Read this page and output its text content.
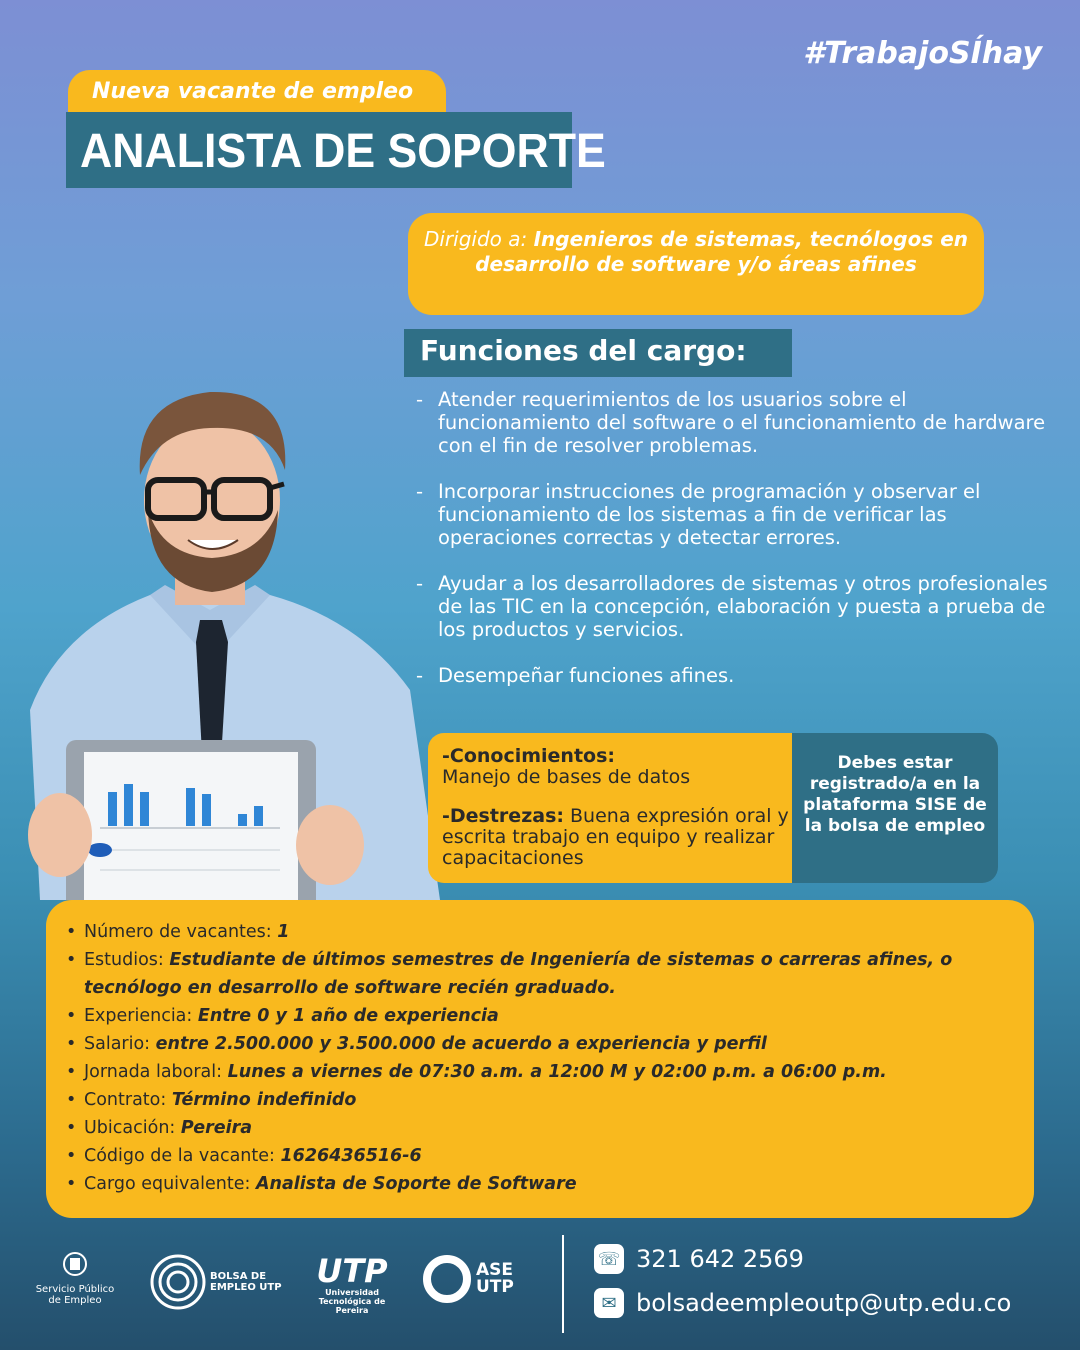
#TrabajoSÍhay
Nueva vacante de empleo
ANALISTA DE SOPORTE
Dirigido a: Ingenieros de sistemas, tecnólogos en desarrollo de software y/o áreas afines
Funciones del cargo:
- Atender requerimientos de los usuarios sobre el funcionamiento del software o el funcionamiento de hardware con el fin de resolver problemas.
- Incorporar instrucciones de programación y observar el funcionamiento de los sistemas a fin de verificar las operaciones correctas y detectar errores.
- Ayudar a los desarrolladores de sistemas y otros profesionales de las TIC en la concepción, elaboración y puesta a prueba de los productos y servicios.
- Desempeñar funciones afines.
-Conocimientos:
Manejo de bases de datos
-Destrezas: Buena expresión oral y escrita trabajo en equipo y realizar capacitaciones
Debes estar registrado/a en la plataforma SISE de la bolsa de empleo
• Número de vacantes: 1
• Estudios: Estudiante de últimos semestres de Ingeniería de sistemas o carreras afines, o tecnólogo en desarrollo de software recién graduado.
• Experiencia: Entre 0 y 1 año de experiencia
• Salario: entre 2.500.000 y 3.500.000 de acuerdo a experiencia y perfil
• Jornada laboral: Lunes a viernes de 07:30 a.m. a 12:00 M y 02:00 p.m. a 06:00 p.m.
• Contrato: Término indefinido
• Ubicación: Pereira
• Código de la vacante: 1626436516-6
• Cargo equivalente: Analista de Soporte de Software
Servicio Público de Empleo
BOLSA DE EMPLEO UTP UTP
Universidad Tecnológica de Pereira
ASE UTP
☏ 321 642 2569
✉ bolsadeempleoutp@utp.edu.co
